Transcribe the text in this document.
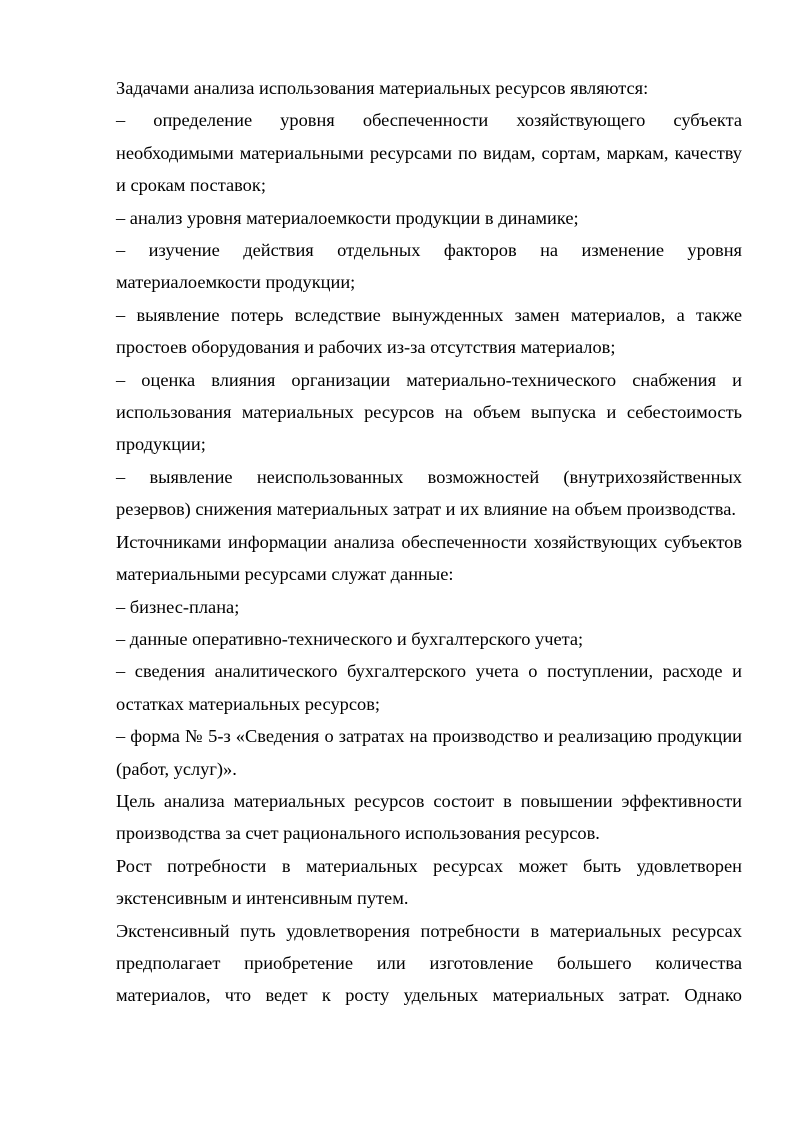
Задачами анализа использования материальных ресурсов являются:

– определение уровня обеспеченности хозяйствующего субъекта необходимыми материальными ресурсами по видам, сортам, маркам, качеству и срокам поставок;

– анализ уровня материалоемкости продукции в динамике;

– изучение действия отдельных факторов на изменение уровня материалоемкости продукции;

– выявление потерь вследствие вынужденных замен материалов, а также простоев оборудования и рабочих из-за отсутствия материалов;

– оценка влияния организации материально-технического снабжения и использования материальных ресурсов на объем выпуска и себестоимость продукции;

– выявление неиспользованных возможностей (внутрихозяйственных резервов) снижения материальных затрат и их влияние на объем производства.

Источниками информации анализа обеспеченности хозяйствующих субъектов материальными ресурсами служат данные:

– бизнес-плана;

– данные оперативно-технического и бухгалтерского учета;

– сведения аналитического бухгалтерского учета о поступлении, расходе и остатках материальных ресурсов;

– форма № 5-з «Сведения о затратах на производство и реализацию продукции (работ, услуг)».

Цель анализа материальных ресурсов состоит в повышении эффективности производства за счет рационального использования ресурсов.

Рост потребности в материальных ресурсах может быть удовлетворен экстенсивным и интенсивным путем.

Экстенсивный путь удовлетворения потребности в материальных ресурсах предполагает приобретение или изготовление большего количества материалов, что ведет к росту удельных материальных затрат. Однако
